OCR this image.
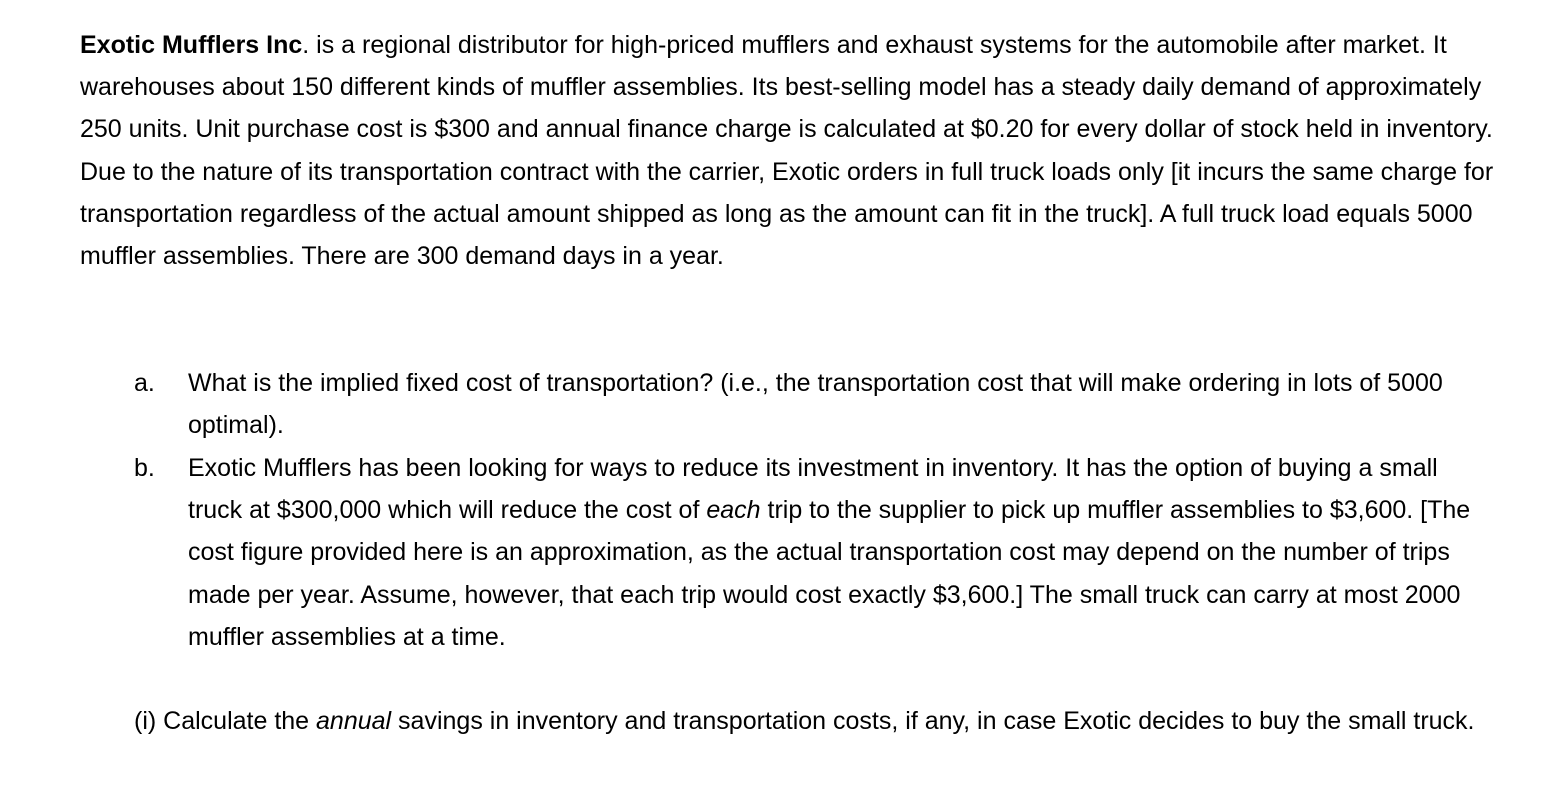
Exotic Mufflers Inc. is a regional distributor for high-priced mufflers and exhaust systems for the automobile after market. It warehouses about 150 different kinds of muffler assemblies. Its best-selling model has a steady daily demand of approximately 250 units. Unit purchase cost is $300 and annual finance charge is calculated at $0.20 for every dollar of stock held in inventory. Due to the nature of its transportation contract with the carrier, Exotic orders in full truck loads only [it incurs the same charge for transportation regardless of the actual amount shipped as long as the amount can fit in the truck]. A full truck load equals 5000 muffler assemblies. There are 300 demand days in a year.

a. What is the implied fixed cost of transportation? (i.e., the transportation cost that will make ordering in lots of 5000 optimal).
b. Exotic Mufflers has been looking for ways to reduce its investment in inventory. It has the option of buying a small truck at $300,000 which will reduce the cost of each trip to the supplier to pick up muffler assemblies to $3,600. [The cost figure provided here is an approximation, as the actual transportation cost may depend on the number of trips made per year. Assume, however, that each trip would cost exactly $3,600.] The small truck can carry at most 2000 muffler assemblies at a time.

(i) Calculate the annual savings in inventory and transportation costs, if any, in case Exotic decides to buy the small truck.
